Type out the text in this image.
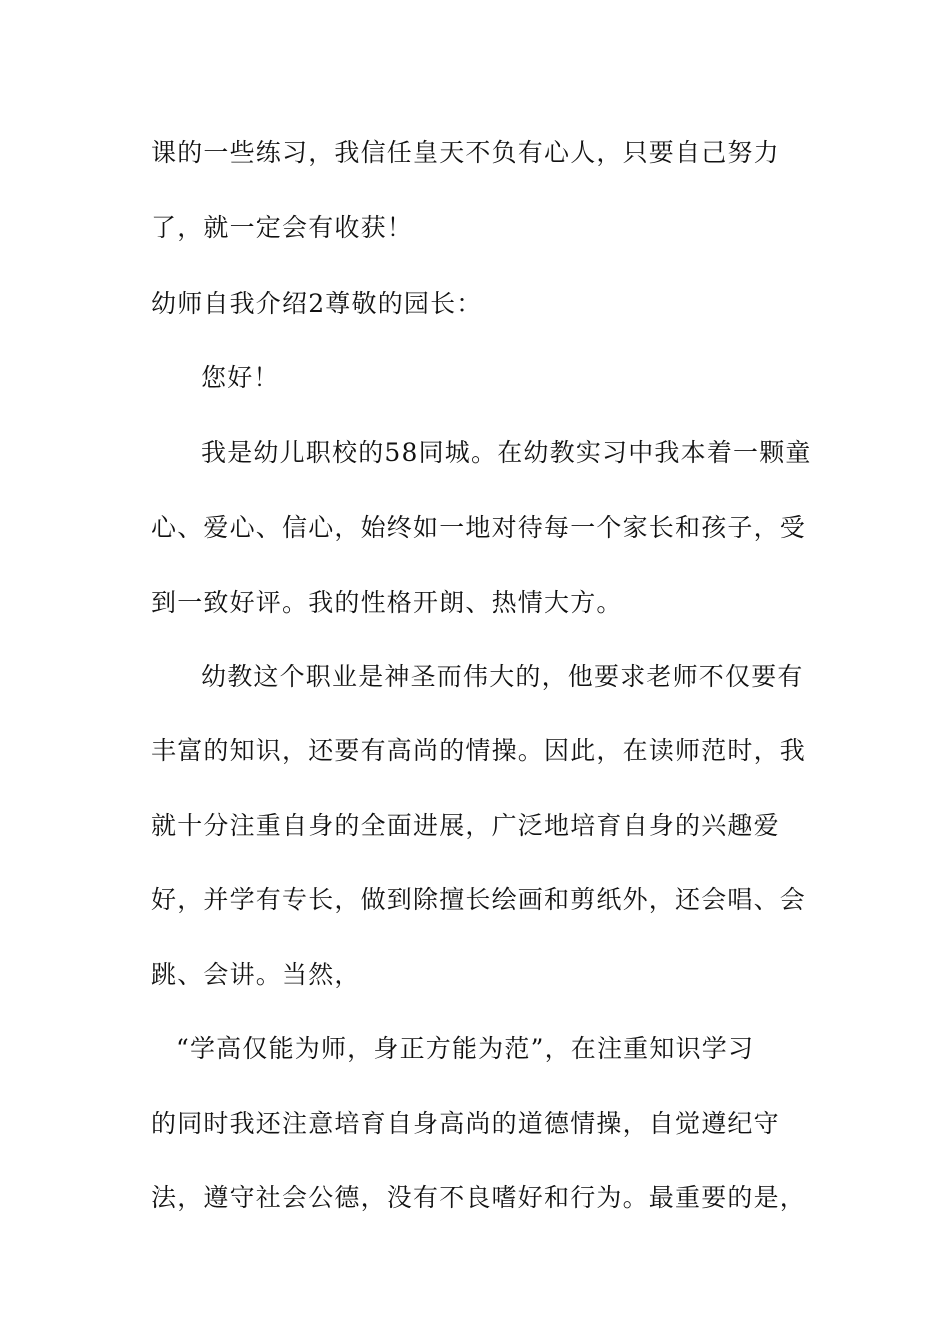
课的一些练习，我信任皇天不负有心人，只要自己努力
了，就一定会有收获！
幼师自我介绍2尊敬的园长：
您好！
我是幼儿职校的58同城。在幼教实习中我本着一颗童
心、爱心、信心，始终如一地对待每一个家长和孩子，受
到一致好评。我的性格开朗、热情大方。
幼教这个职业是神圣而伟大的，他要求老师不仅要有
丰富的知识，还要有高尚的情操。因此，在读师范时，我
就十分注重自身的全面进展，广泛地培育自身的兴趣爱
好，并学有专长，做到除擅长绘画和剪纸外，还会唱、会
跳、会讲。当然，
“学高仅能为师，身正方能为范”，在注重知识学习
的同时我还注意培育自身高尚的道德情操，自觉遵纪守
法，遵守社会公德，没有不良嗜好和行为。最重要的是，
